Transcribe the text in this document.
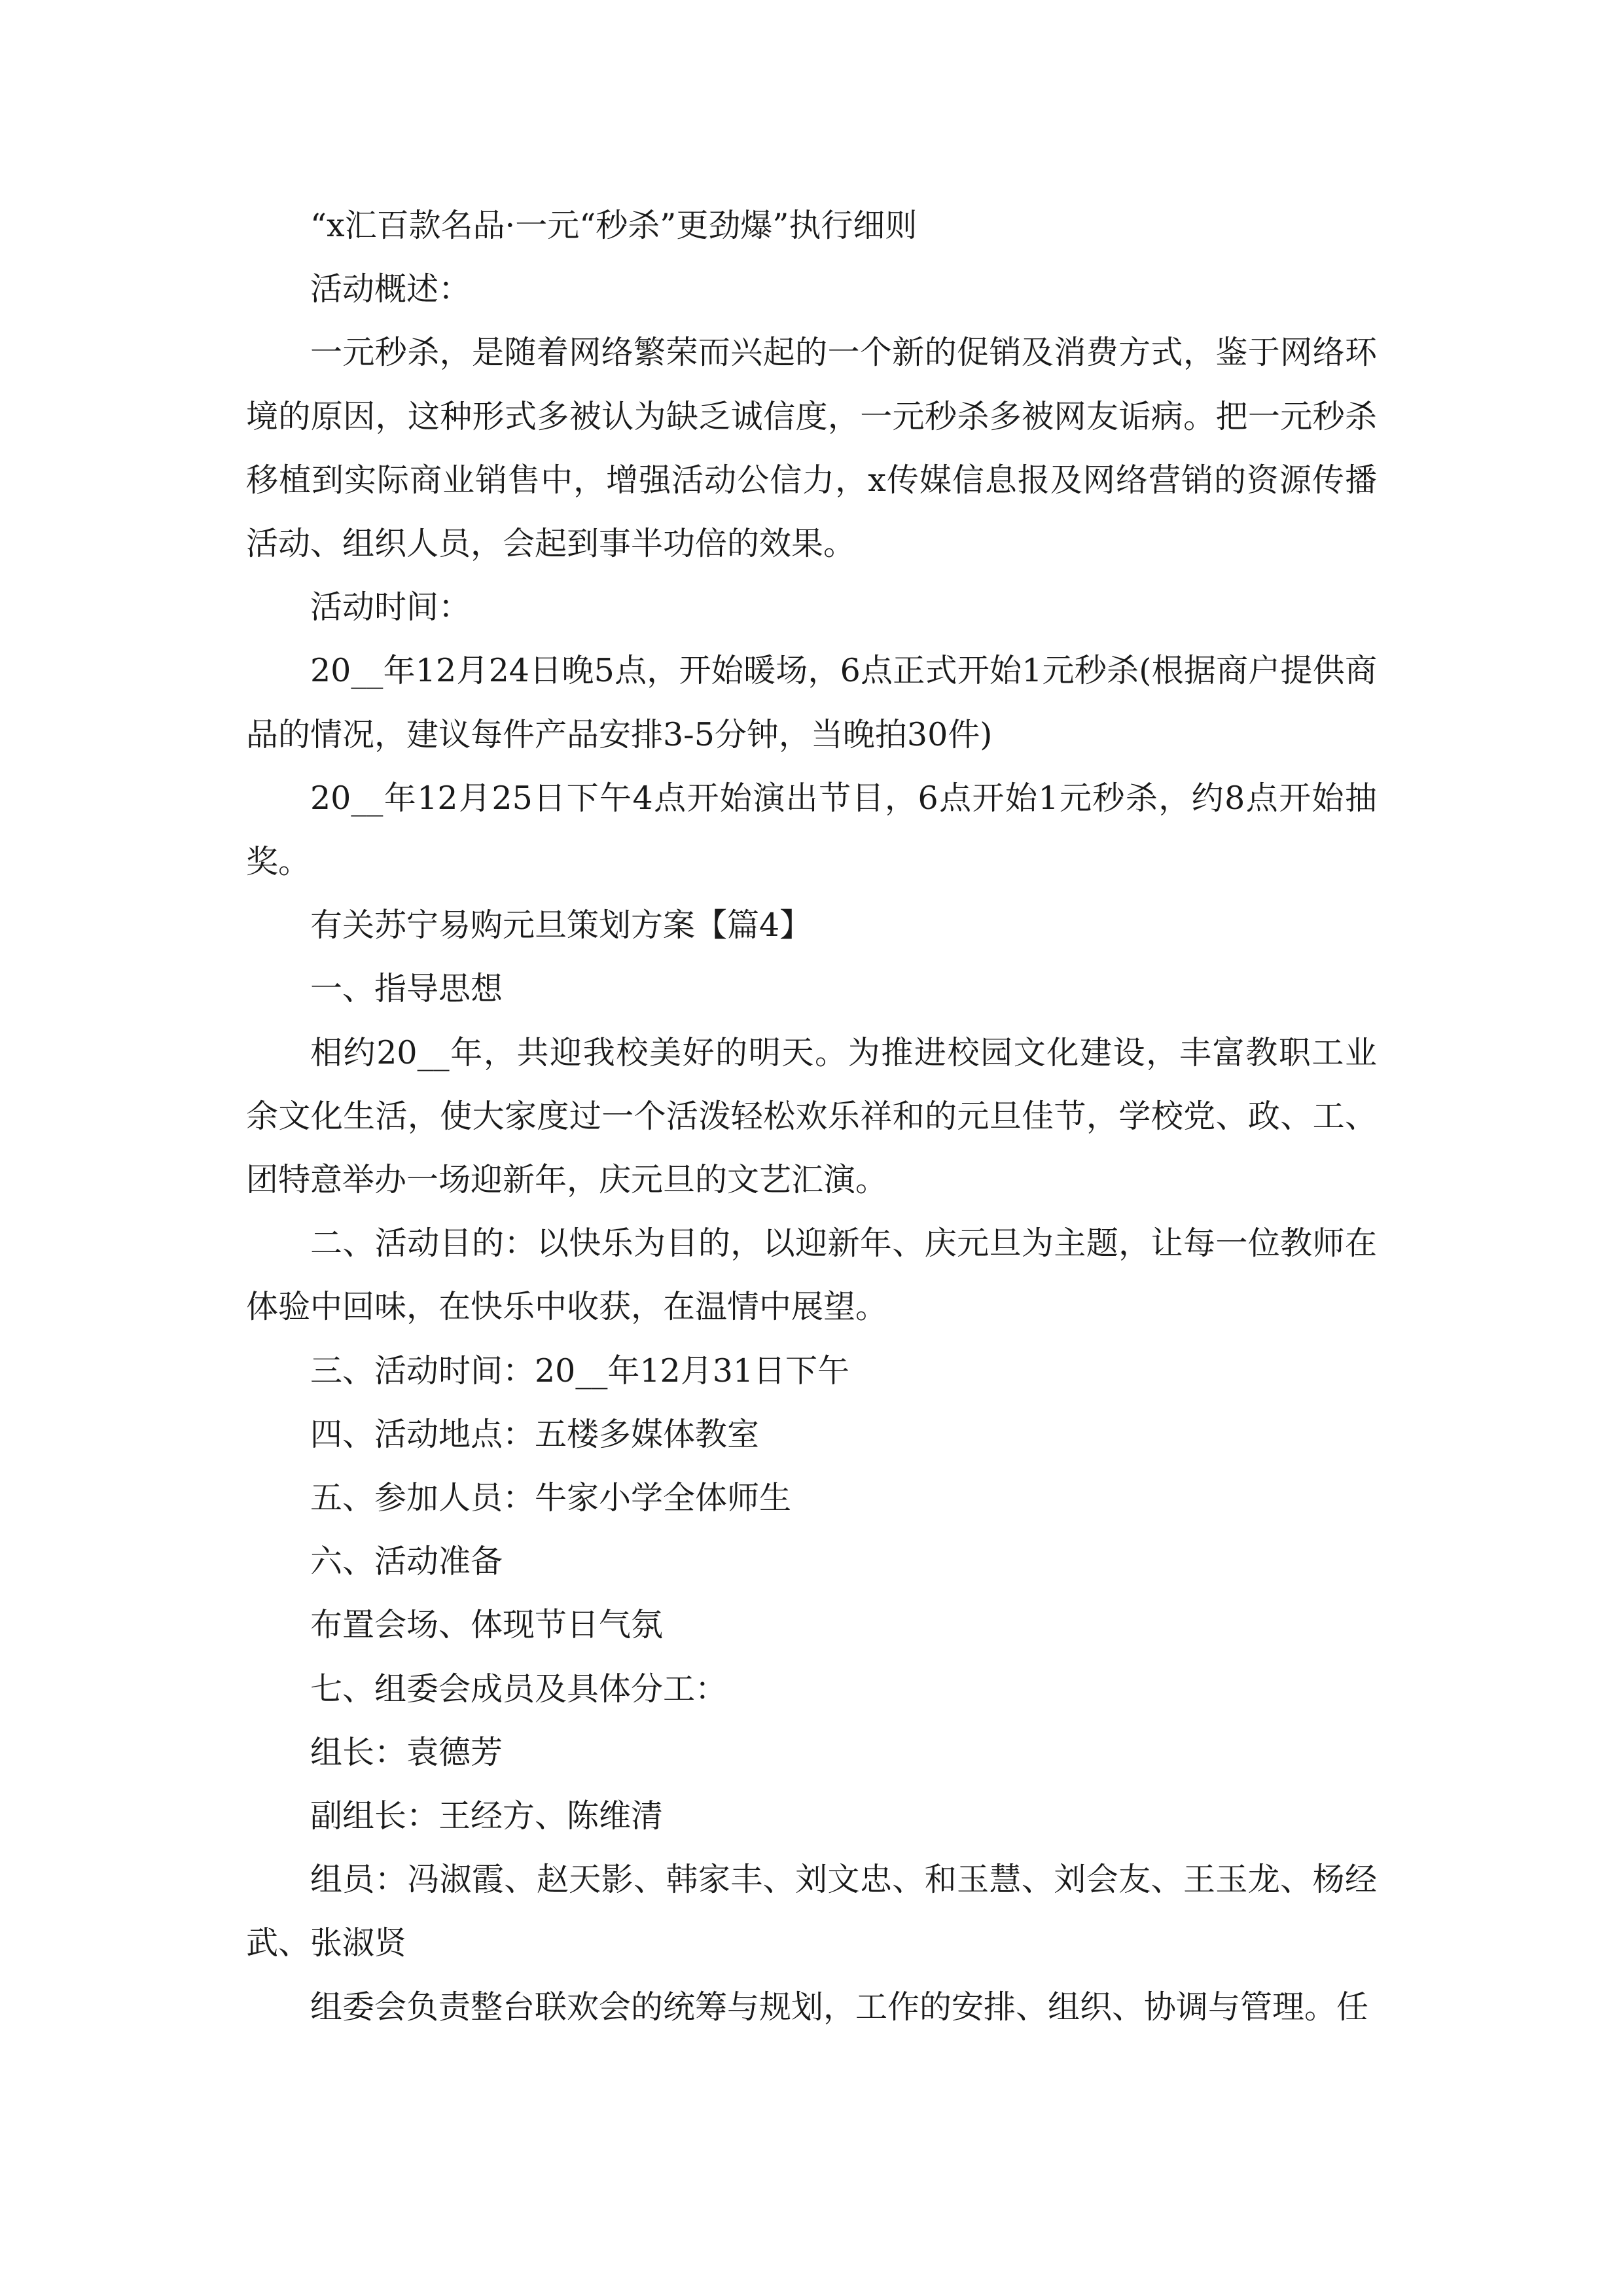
“x汇百款名品·一元“秒杀”更劲爆”执行细则

活动概述：

一元秒杀，是随着网络繁荣而兴起的一个新的促销及消费方式，鉴于网络环境的原因，这种形式多被认为缺乏诚信度，一元秒杀多被网友诟病。把一元秒杀移植到实际商业销售中，增强活动公信力，x传媒信息报及网络营销的资源传播活动、组织人员，会起到事半功倍的效果。

活动时间：

20__年12月24日晚5点，开始暖场，6点正式开始1元秒杀(根据商户提供商品的情况，建议每件产品安排3-5分钟，当晚拍30件)

20__年12月25日下午4点开始演出节目，6点开始1元秒杀，约8点开始抽奖。

有关苏宁易购元旦策划方案【篇4】

一、指导思想

相约20__年，共迎我校美好的明天。为推进校园文化建设，丰富教职工业余文化生活，使大家度过一个活泼轻松欢乐祥和的元旦佳节，学校党、政、工、团特意举办一场迎新年，庆元旦的文艺汇演。

二、活动目的：以快乐为目的，以迎新年、庆元旦为主题，让每一位教师在体验中回味，在快乐中收获，在温情中展望。

三、活动时间：20__年12月31日下午

四、活动地点：五楼多媒体教室

五、参加人员：牛家小学全体师生

六、活动准备

布置会场、体现节日气氛

七、组委会成员及具体分工：

组长：袁德芳

副组长：王经方、陈维清

组员：冯淑霞、赵天影、韩家丰、刘文忠、和玉慧、刘会友、王玉龙、杨经武、张淑贤

组委会负责整台联欢会的统筹与规划，工作的安排、组织、协调与管理。任
